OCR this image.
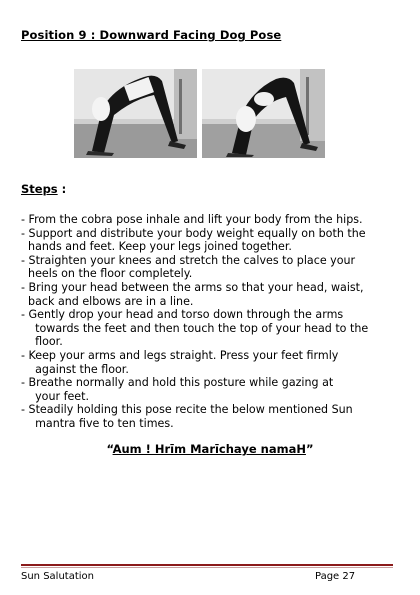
Position 9 : Downward Facing Dog Pose
Steps :
- From the cobra pose inhale and lift your body from the hips.
- Support and distribute your body weight equally on both the
hands and feet. Keep your legs joined together.
- Straighten your knees and stretch the calves to place your
heels on the floor completely.
- Bring your head between the arms so that your head, waist,
back and elbows are in a line.
- Gently drop your head and torso down through the arms
towards the feet and then touch the top of your head to the
floor.
- Keep your arms and legs straight. Press your feet firmly
against the floor.
- Breathe normally and hold this posture while gazing at
your feet.
- Steadily holding this pose recite the below mentioned Sun
mantra five to ten times.
“Aum ! Hrīm Marīchaye namaH”
Sun Salutation	Page 27
